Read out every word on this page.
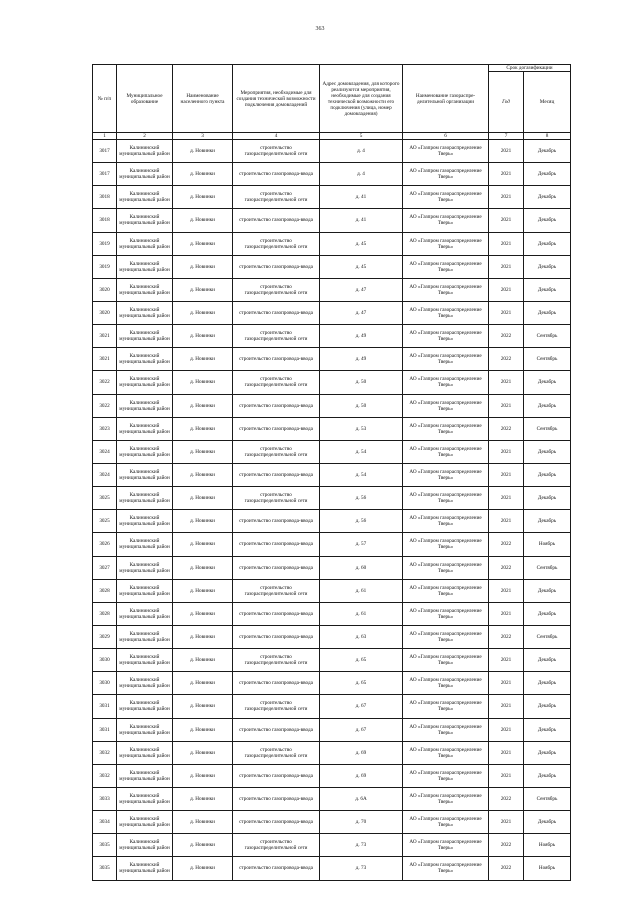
363
№ п/п	Муниципальное образование	Наименование населенного пункта	Мероприятия, необходимые для создания технической возможности подключения домовладений	Адрес домовладения, для которого реализуются мероприятия, необходимые для создания технической возможности его подключения (улица, номер домовладения)	Наименование газораспре-делительной организации	Срок догазификации	
						Год	Месяц
1	2	3	4	5	6	7	8
3017	Калининский муниципальный район	д. Новинки	строительство газораспределительной сети	д. 4	АО «Газпром газораспределение Тверь»	2021	Декабрь
3017	Калининский муниципальный район	д. Новинки	строительство газопровода-ввода	д. 4	АО «Газпром газораспределение Тверь»	2021	Декабрь
3018	Калининский муниципальный район	д. Новинки	строительство газораспределительной сети	д. 41	АО «Газпром газораспределение Тверь»	2021	Декабрь
3018	Калининский муниципальный район	д. Новинки	строительство газопровода-ввода	д. 41	АО «Газпром газораспределение Тверь»	2021	Декабрь
3019	Калининский муниципальный район	д. Новинки	строительство газораспределительной сети	д. 45	АО «Газпром газораспределение Тверь»	2021	Декабрь
3019	Калининский муниципальный район	д. Новинки	строительство газопровода-ввода	д. 45	АО «Газпром газораспределение Тверь»	2021	Декабрь
3020	Калининский муниципальный район	д. Новинки	строительство газораспределительной сети	д. 47	АО «Газпром газораспределение Тверь»	2021	Декабрь
3020	Калининский муниципальный район	д. Новинки	строительство газопровода-ввода	д. 47	АО «Газпром газораспределение Тверь»	2021	Декабрь
3021	Калининский муниципальный район	д. Новинки	строительство газораспределительной сети	д. 49	АО «Газпром газораспределение Тверь»	2022	Сентябрь
3021	Калининский муниципальный район	д. Новинки	строительство газопровода-ввода	д. 49	АО «Газпром газораспределение Тверь»	2022	Сентябрь
3022	Калининский муниципальный район	д. Новинки	строительство газораспределительной сети	д. 50	АО «Газпром газораспределение Тверь»	2021	Декабрь
3022	Калининский муниципальный район	д. Новинки	строительство газопровода-ввода	д. 50	АО «Газпром газораспределение Тверь»	2021	Декабрь
3023	Калининский муниципальный район	д. Новинки	строительство газопровода-ввода	д. 53	АО «Газпром газораспределение Тверь»	2022	Сентябрь
3024	Калининский муниципальный район	д. Новинки	строительство газораспределительной сети	д. 54	АО «Газпром газораспределение Тверь»	2021	Декабрь
3024	Калининский муниципальный район	д. Новинки	строительство газопровода-ввода	д. 54	АО «Газпром газораспределение Тверь»	2021	Декабрь
3025	Калининский муниципальный район	д. Новинки	строительство газораспределительной сети	д. 56	АО «Газпром газораспределение Тверь»	2021	Декабрь
3025	Калининский муниципальный район	д. Новинки	строительство газопровода-ввода	д. 56	АО «Газпром газораспределение Тверь»	2021	Декабрь
3026	Калининский муниципальный район	д. Новинки	строительство газопровода-ввода	д. 57	АО «Газпром газораспределение Тверь»	2022	Ноябрь
3027	Калининский муниципальный район	д. Новинки	строительство газопровода-ввода	д. 60	АО «Газпром газораспределение Тверь»	2022	Сентябрь
3028	Калининский муниципальный район	д. Новинки	строительство газораспределительной сети	д. 61	АО «Газпром газораспределение Тверь»	2021	Декабрь
3028	Калининский муниципальный район	д. Новинки	строительство газопровода-ввода	д. 61	АО «Газпром газораспределение Тверь»	2021	Декабрь
3029	Калининский муниципальный район	д. Новинки	строительство газопровода-ввода	д. 63	АО «Газпром газораспределение Тверь»	2022	Сентябрь
3030	Калининский муниципальный район	д. Новинки	строительство газораспределительной сети	д. 65	АО «Газпром газораспределение Тверь»	2021	Декабрь
3030	Калининский муниципальный район	д. Новинки	строительство газопровода-ввода	д. 65	АО «Газпром газораспределение Тверь»	2021	Декабрь
3031	Калининский муниципальный район	д. Новинки	строительство газораспределительной сети	д. 67	АО «Газпром газораспределение Тверь»	2021	Декабрь
3031	Калининский муниципальный район	д. Новинки	строительство газопровода-ввода	д. 67	АО «Газпром газораспределение Тверь»	2021	Декабрь
3032	Калининский муниципальный район	д. Новинки	строительство газораспределительной сети	д. 69	АО «Газпром газораспределение Тверь»	2021	Декабрь
3032	Калининский муниципальный район	д. Новинки	строительство газопровода-ввода	д. 69	АО «Газпром газораспределение Тверь»	2021	Декабрь
3033	Калининский муниципальный район	д. Новинки	строительство газопровода-ввода	д. 6А	АО «Газпром газораспределение Тверь»	2022	Сентябрь
3034	Калининский муниципальный район	д. Новинки	строительство газопровода-ввода	д. 70	АО «Газпром газораспределение Тверь»	2021	Декабрь
3035	Калининский муниципальный район	д. Новинки	строительство газораспределительной сети	д. 73	АО «Газпром газораспределение Тверь»	2022	Ноябрь
3035	Калининский муниципальный район	д. Новинки	строительство газопровода-ввода	д. 73	АО «Газпром газораспределение Тверь»	2022	Ноябрь
